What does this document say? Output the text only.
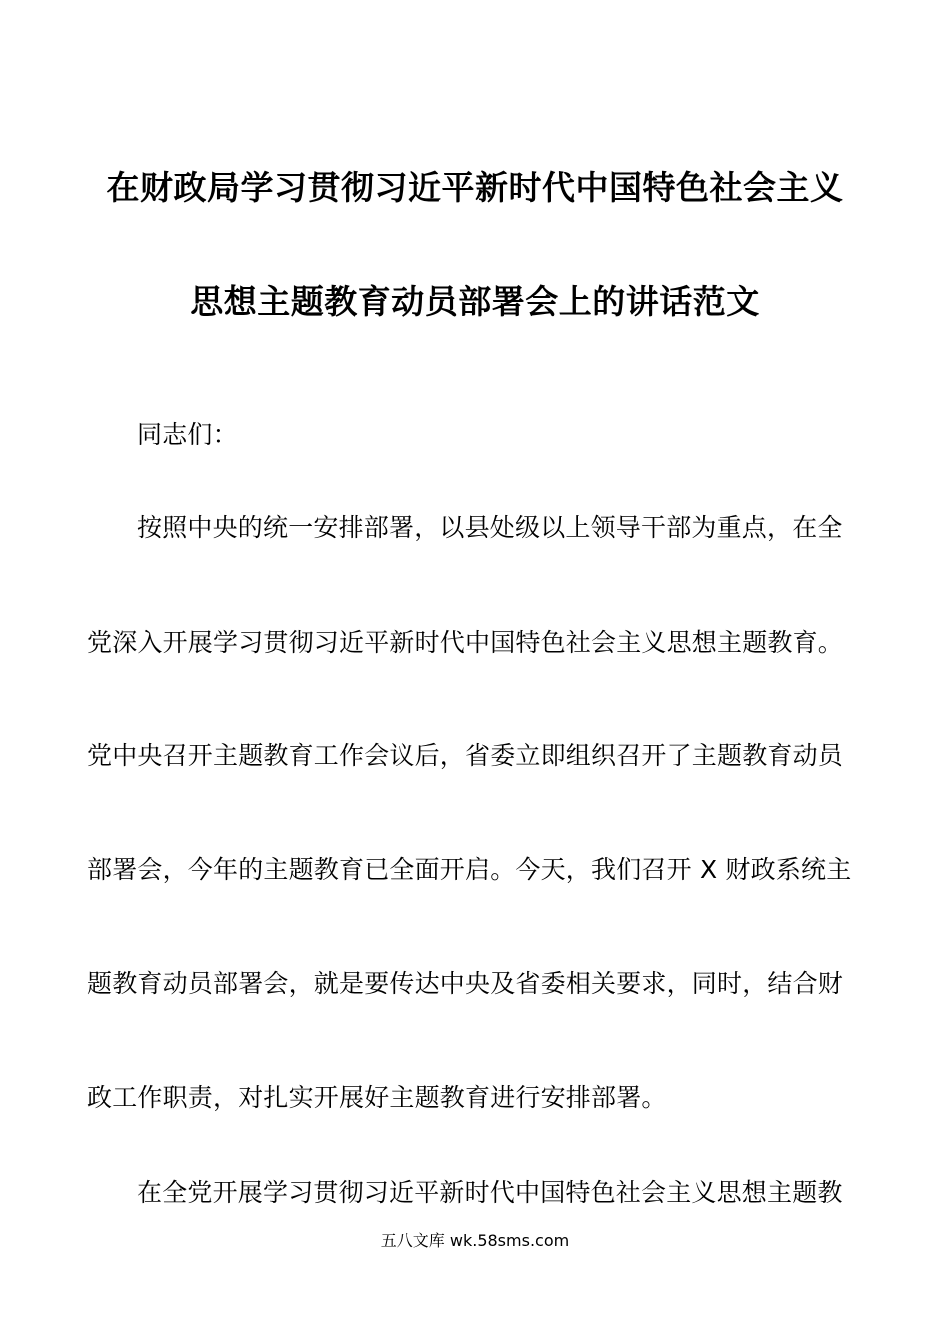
在财政局学习贯彻习近平新时代中国特色社会主义
思想主题教育动员部署会上的讲话范文
同志们：
按照中央的统一安排部署，以县处级以上领导干部为重点，在全
党深入开展学习贯彻习近平新时代中国特色社会主义思想主题教育。
党中央召开主题教育工作会议后，省委立即组织召开了主题教育动员
部署会，今年的主题教育已全面开启。今天，我们召开 X 财政系统主
题教育动员部署会，就是要传达中央及省委相关要求，同时，结合财
政工作职责，对扎实开展好主题教育进行安排部署。
在全党开展学习贯彻习近平新时代中国特色社会主义思想主题教
五八文库 wk.58sms.com
